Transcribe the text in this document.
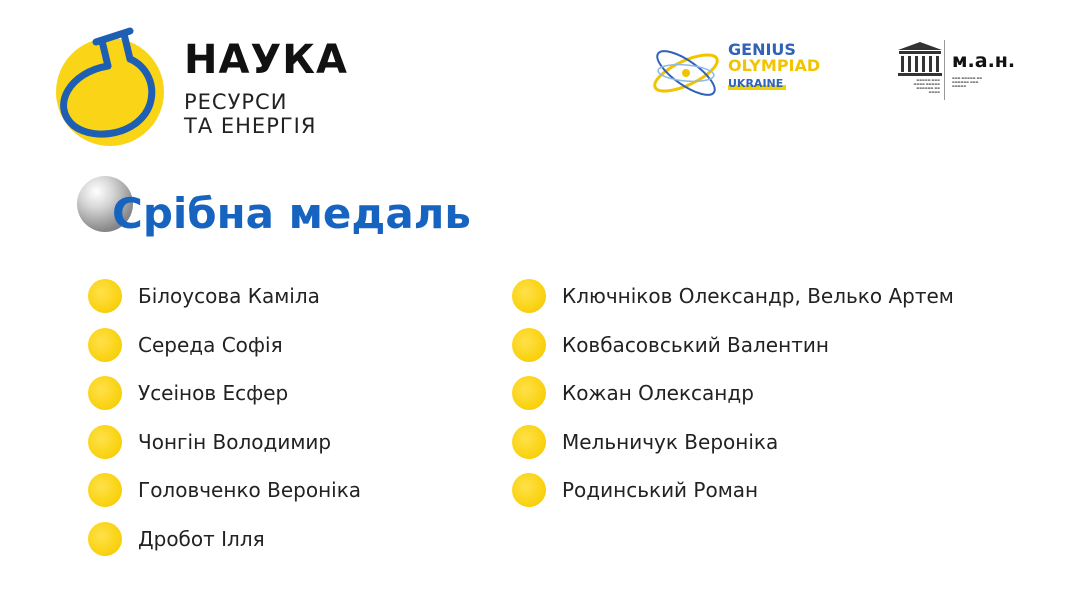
НАУКА
РЕСУРСИ
ТА ЕНЕРГІЯ
GENIUS
OLYMPIAD
UKRAINE	▬▬▬▬▬ ▬▬▬
▬▬▬▬ ▬▬▬▬▬
▬▬▬▬▬▬ ▬▬
▬▬▬▬
м.а.н.
▬▬▬ ▬▬▬▬▬ ▬▬
▬▬▬▬▬▬ ▬▬▬
▬▬▬▬▬
Срібна медаль
Білоусова Каміла
Середа Софія
Усеінов Есфер
Чонгін Володимир
Головченко Вероніка
Дробот Ілля
Ключніков Олександр, Велько Артем
Ковбасовський Валентин
Кожан Олександр
Мельничук Вероніка
Родинський Роман
